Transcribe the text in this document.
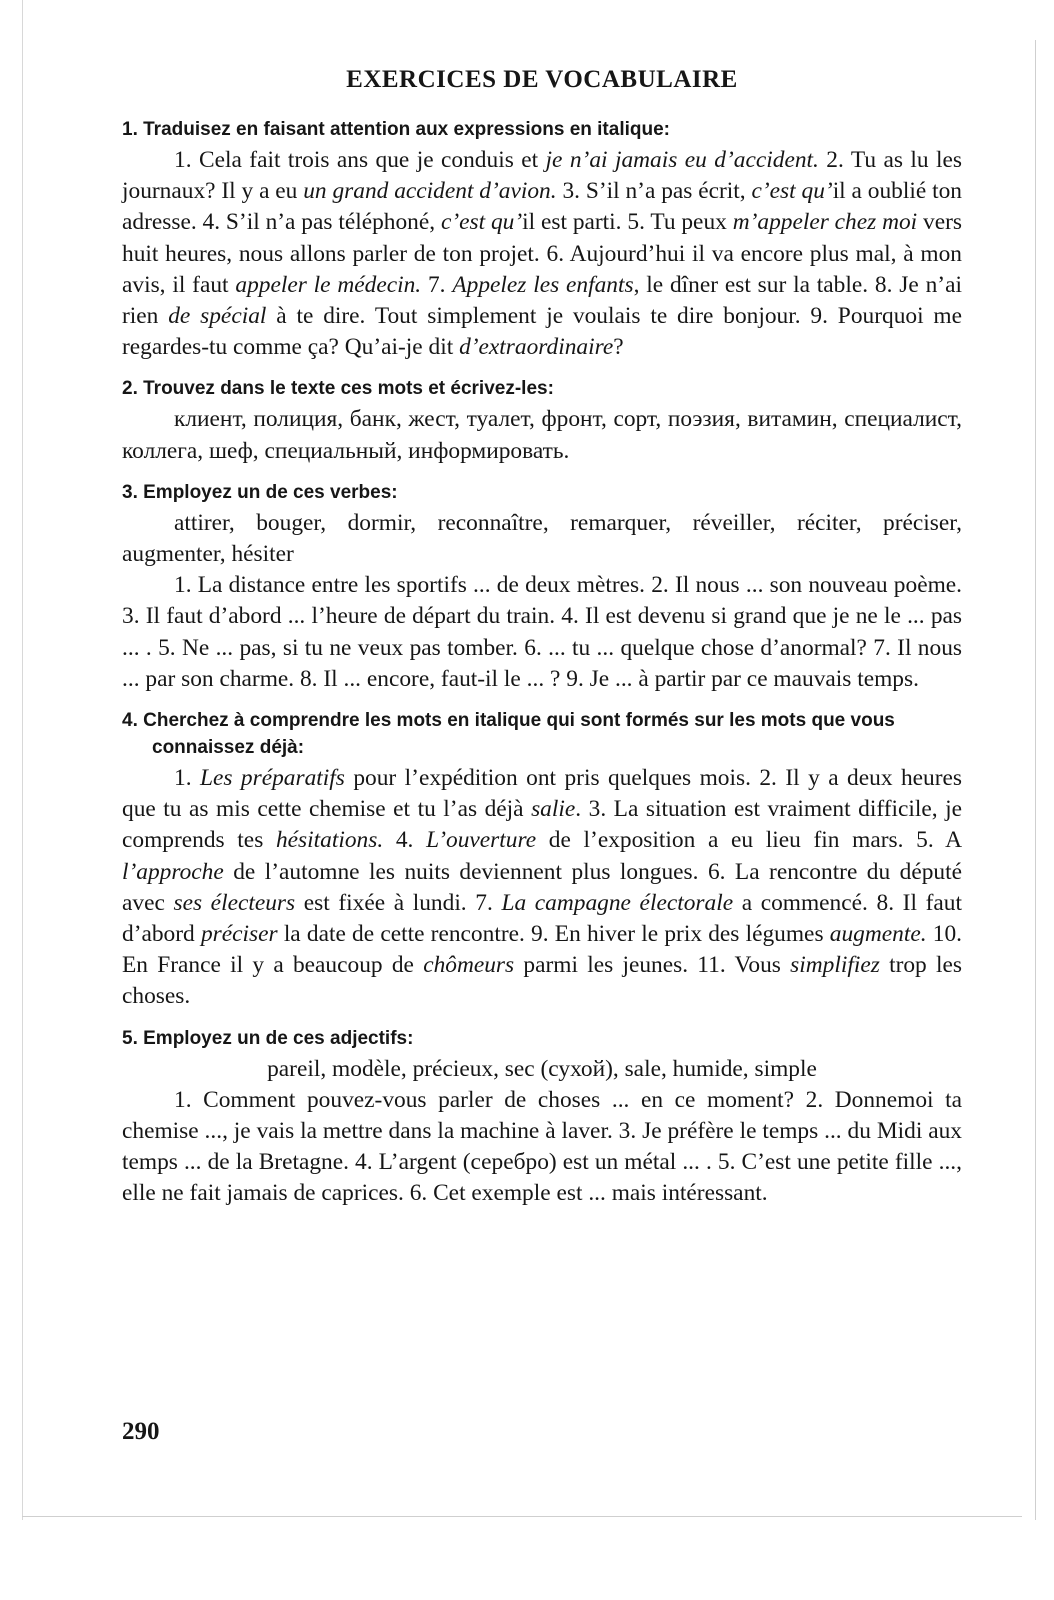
EXERCICES DE VOCABULAIRE
1. Traduisez en faisant attention aux expressions en italique:

1. Cela fait trois ans que je conduis et je n’ai jamais eu d’accident. 2. Tu as lu les journaux? Il y a eu un grand accident d’avion. 3. S’il n’a pas écrit, c’est qu’il a oublié ton adresse. 4. S’il n’a pas téléphoné, c’est qu’il est parti. 5. Tu peux m’appeler chez moi vers huit heures, nous allons parler de ton projet. 6. Aujourd’hui il va encore plus mal, à mon avis, il faut appeler le médecin. 7. Appelez les enfants, le dîner est sur la table. 8. Je n’ai rien de spécial à te dire. Tout simplement je voulais te dire bonjour. 9. Pourquoi me regardes-tu comme ça? Qu’ai-je dit d’extraordinaire?

2. Trouvez dans le texte ces mots et écrivez-les:

клиент, полиция, банк, жест, туалет, фронт, сорт, поэзия, витамин, специалист, коллега, шеф, специальный, информировать.

3. Employez un de ces verbes:

attirer, bouger, dormir, reconnaître, remarquer, réveiller, réciter, préciser, augmenter, hésiter

1. La distance entre les sportifs ... de deux mètres. 2. Il nous ... son nouveau poème. 3. Il faut d’abord ... l’heure de départ du train. 4. Il est devenu si grand que je ne le ... pas ... . 5. Ne ... pas, si tu ne veux pas tomber. 6. ... tu ... quelque chose d’anormal? 7. Il nous ... par son charme. 8. Il ... encore, faut-il le ... ? 9. Je ... à partir par ce mauvais temps.

4. Cherchez à comprendre les mots en italique qui sont formés sur les mots que vous connaissez déjà:

1. Les préparatifs pour l’expédition ont pris quelques mois. 2. Il y a deux heures que tu as mis cette chemise et tu l’as déjà salie. 3. La situation est vraiment difficile, je comprends tes hésitations. 4. L’ouverture de l’exposition a eu lieu fin mars. 5. A l’approche de l’automne les nuits deviennent plus longues. 6. La rencontre du député avec ses électeurs est fixée à lundi. 7. La campagne électorale a commencé. 8. Il faut d’abord préciser la date de cette rencontre. 9. En hiver le prix des légumes augmente. 10. En France il y a beaucoup de chômeurs parmi les jeunes. 11. Vous simplifiez trop les choses.

5. Employez un de ces adjectifs:

pareil, modèle, précieux, sec (сухой), sale, humide, simple

1. Comment pouvez-vous parler de choses ... en ce moment? 2. Donnemoi ta chemise ..., je vais la mettre dans la machine à laver. 3. Je préfère le temps ... du Midi aux temps ... de la Bretagne. 4. L’argent (серебро) est un métal ... . 5. C’est une petite fille ..., elle ne fait jamais de caprices. 6. Cet exemple est ... mais intéressant.

290
